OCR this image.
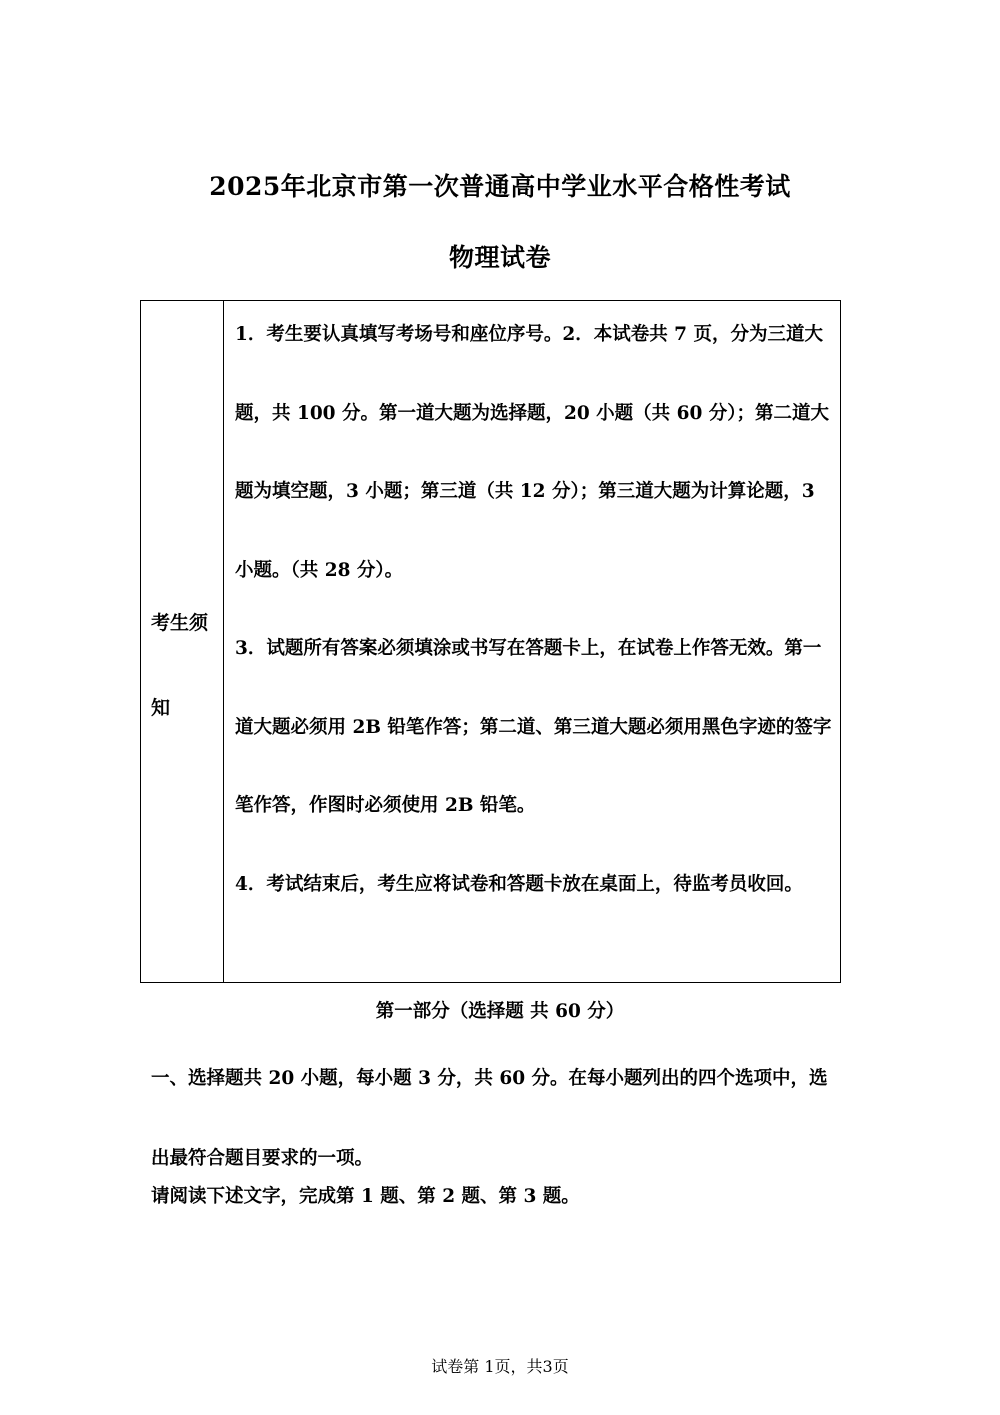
2025年北京市第一次普通高中学业水平合格性考试
物理试卷

考生须知

1．考生要认真填写考场号和座位序号。2．本试卷共 7 页，分为三道大题，共 100 分。第一道大题为选择题，20 小题（共 60 分）；第二道大题为填空题，3 小题；第三道（共 12 分）；第三道大题为计算论题，3 小题。（共 28 分）。
3．试题所有答案必须填涂或书写在答题卡上，在试卷上作答无效。第一道大题必须用 2B 铅笔作答；第二道、第三道大题必须用黑色字迹的签字笔作答，作图时必须使用 2B 铅笔。
4．考试结束后，考生应将试卷和答题卡放在桌面上，待监考员收回。
第一部分（选择题 共 60 分）

一、选择题共 20 小题，每小题 3 分，共 60 分。在每小题列出的四个选项中，选出最符合题目要求的一项。

请阅读下述文字，完成第 1 题、第 2 题、第 3 题。

试卷第 1页，共3页
